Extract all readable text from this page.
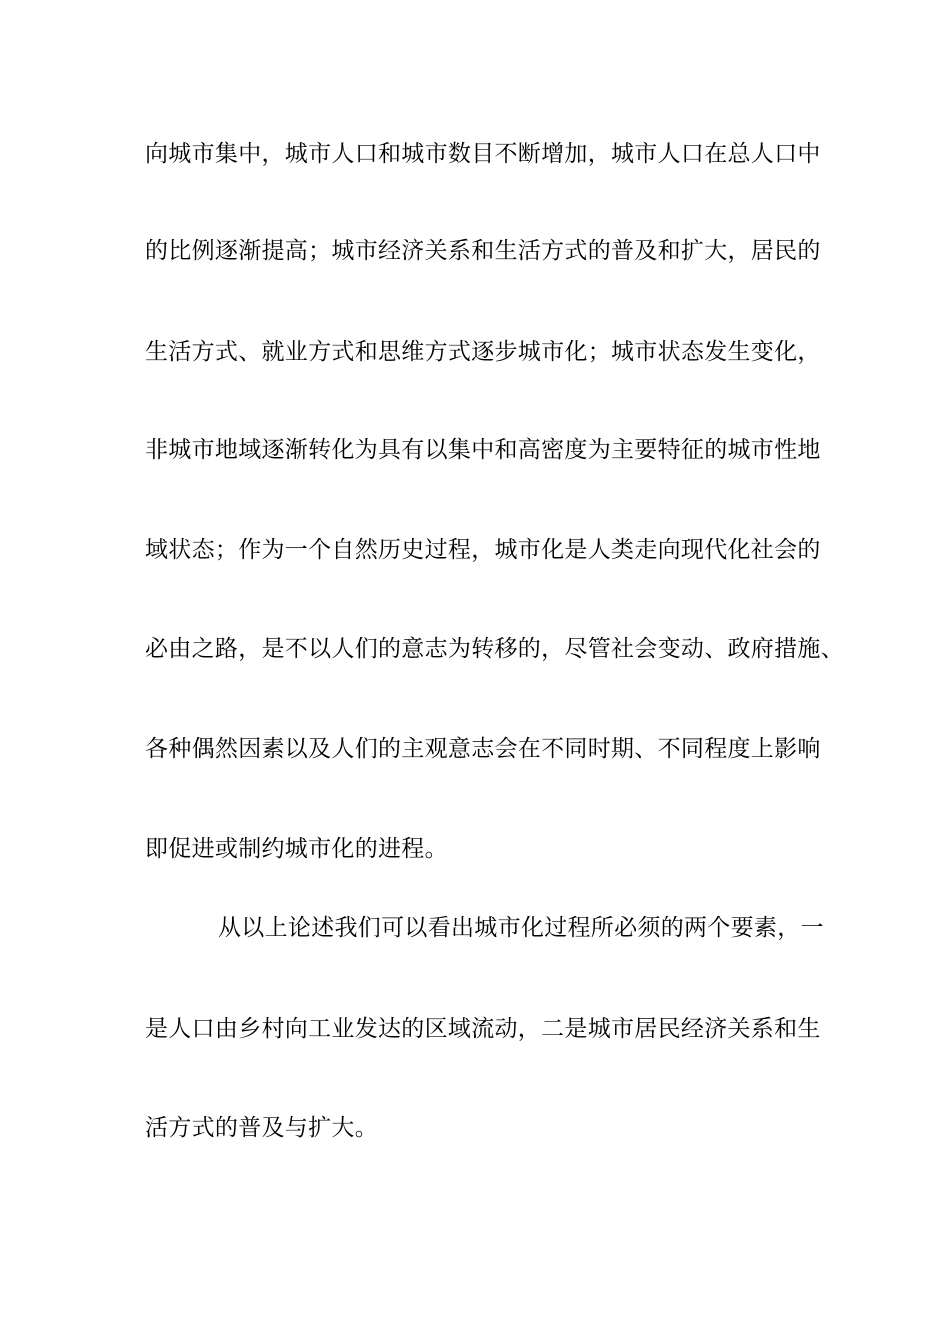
向城市集中，城市人口和城市数目不断增加，城市人口在总人口中
的比例逐渐提高；城市经济关系和生活方式的普及和扩大，居民的
生活方式、就业方式和思维方式逐步城市化；城市状态发生变化，
非城市地域逐渐转化为具有以集中和高密度为主要特征的城市性地
域状态；作为一个自然历史过程，城市化是人类走向现代化社会的
必由之路，是不以人们的意志为转移的，尽管社会变动、政府措施、
各种偶然因素以及人们的主观意志会在不同时期、不同程度上影响
即促进或制约城市化的进程。
从以上论述我们可以看出城市化过程所必须的两个要素，一
是人口由乡村向工业发达的区域流动，二是城市居民经济关系和生
活方式的普及与扩大。
